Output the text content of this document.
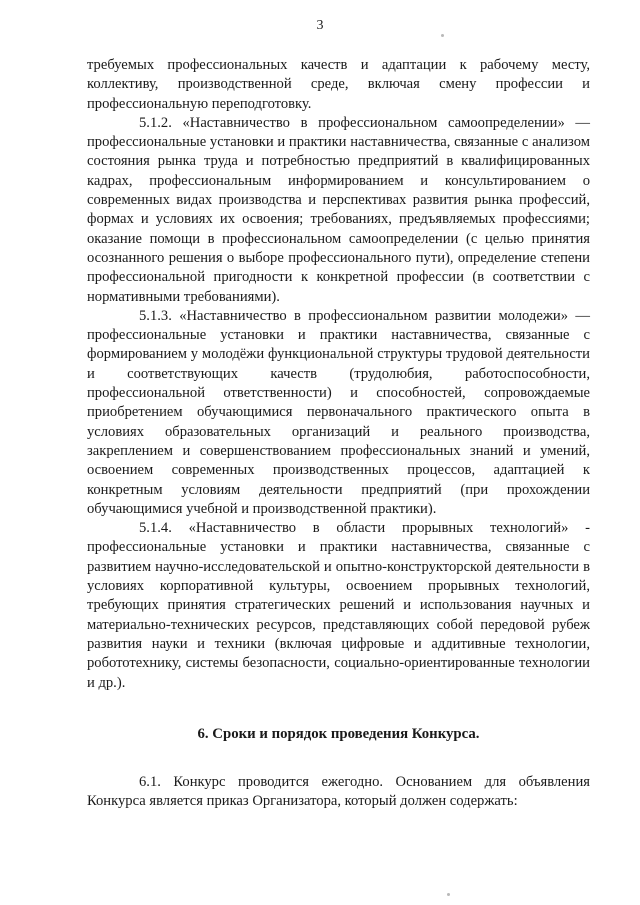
3

требуемых профессиональных качеств и адаптации к рабочему месту, коллективу, производственной среде, включая смену профессии и профессиональную переподготовку.

5.1.2. «Наставничество в профессиональном самоопределении» — профессиональные установки и практики наставничества, связанные с анализом состояния рынка труда и потребностью предприятий в квалифицированных кадрах, профессиональным информированием и консультированием о современных видах производства и перспективах развития рынка профессий, формах и условиях их освоения; требованиях, предъявляемых профессиями; оказание помощи в профессиональном самоопределении (с целью принятия осознанного решения о выборе профессионального пути), определение степени профессиональной пригодности к конкретной профессии (в соответствии с нормативными требованиями).

5.1.3. «Наставничество в профессиональном развитии молодежи» — профессиональные установки и практики наставничества, связанные с формированием у молодёжи функциональной структуры трудовой деятельности и соответствующих качеств (трудолюбия, работоспособности, профессиональной ответственности) и способностей, сопровождаемые приобретением обучающимися первоначального практического опыта в условиях образовательных организаций и реального производства, закреплением и совершенствованием профессиональных знаний и умений, освоением современных производственных процессов, адаптацией к конкретным условиям деятельности предприятий (при прохождении обучающимися учебной и производственной практики).

5.1.4. «Наставничество в области прорывных технологий» - профессиональные установки и практики наставничества, связанные с развитием научно-исследовательской и опытно-конструкторской деятельности в условиях корпоративной культуры, освоением прорывных технологий, требующих принятия стратегических решений и использования научных и материально-технических ресурсов, представляющих собой передовой рубеж развития науки и техники (включая цифровые и аддитивные технологии, робототехнику, системы безопасности, социально-ориентированные технологии и др.).

6. Сроки и порядок проведения Конкурса.

6.1. Конкурс проводится ежегодно. Основанием для объявления Конкурса является приказ Организатора, который должен содержать:
